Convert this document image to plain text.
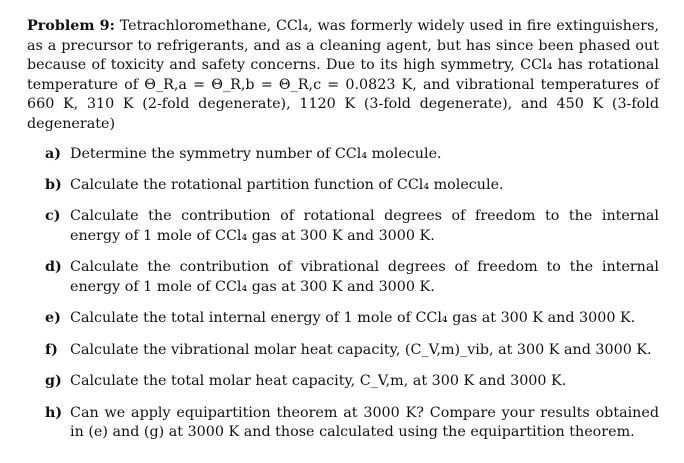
Problem 9: Tetrachloromethane, CCl₄, was formerly widely used in fire extinguishers, as a precursor to refrigerants, and as a cleaning agent, but has since been phased out because of toxicity and safety concerns. Due to its high symmetry, CCl₄ has rotational temperature of Θ_R,a = Θ_R,b = Θ_R,c = 0.0823 K, and vibrational temperatures of 660 K, 310 K (2-fold degenerate), 1120 K (3-fold degenerate), and 450 K (3-fold degenerate)

a) Determine the symmetry number of CCl₄ molecule.
b) Calculate the rotational partition function of CCl₄ molecule.
c) Calculate the contribution of rotational degrees of freedom to the internal energy of 1 mole of CCl₄ gas at 300 K and 3000 K.
d) Calculate the contribution of vibrational degrees of freedom to the internal energy of 1 mole of CCl₄ gas at 300 K and 3000 K.
e) Calculate the total internal energy of 1 mole of CCl₄ gas at 300 K and 3000 K.
f) Calculate the vibrational molar heat capacity, (C_V,m)_vib, at 300 K and 3000 K.
g) Calculate the total molar heat capacity, C_V,m, at 300 K and 3000 K.
h) Can we apply equipartition theorem at 3000 K? Compare your results obtained in (e) and (g) at 3000 K and those calculated using the equipartition theorem.
